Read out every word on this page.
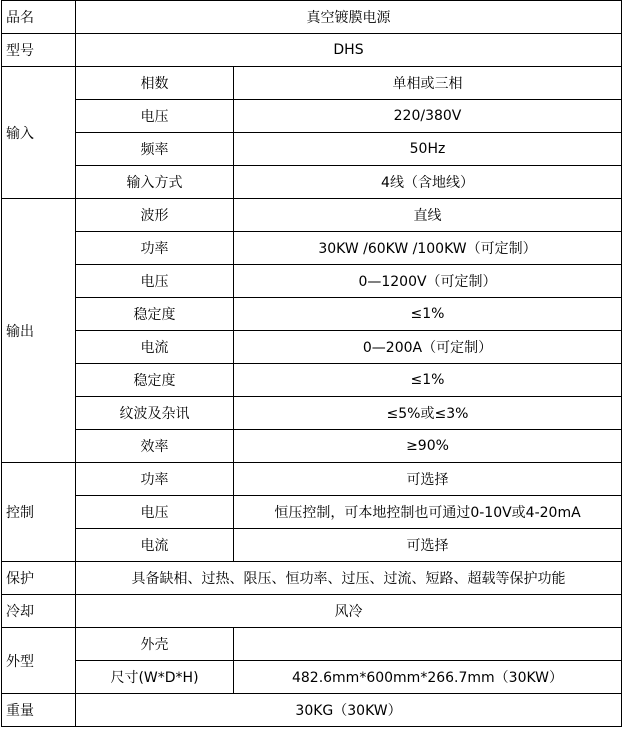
品名	真空镀膜电源	
型号	DHS	
输入	相数	单相或三相
	电压	220/380V
	频率	50Hz
	输入方式	4线（含地线）
输出	波形	直线
	功率	30KW /60KW /100KW（可定制）
	电压	0—1200V（可定制）
	稳定度	≤1%
	电流	0—200A（可定制）
	稳定度	≤1%
	纹波及杂讯	≤5%或≤3%
	效率	≥90%
控制	功率	可选择
	电压	恒压控制，可本地控制也可通过0-10V或4-20mA
	电流	可选择
保护	具备缺相、过热、限压、恒功率、过压、过流、短路、超载等保护功能	
冷却	风冷	
外型	外壳	
	尺寸(W*D*H)	482.6mm*600mm*266.7mm（30KW）
重量	30KG（30KW）	
